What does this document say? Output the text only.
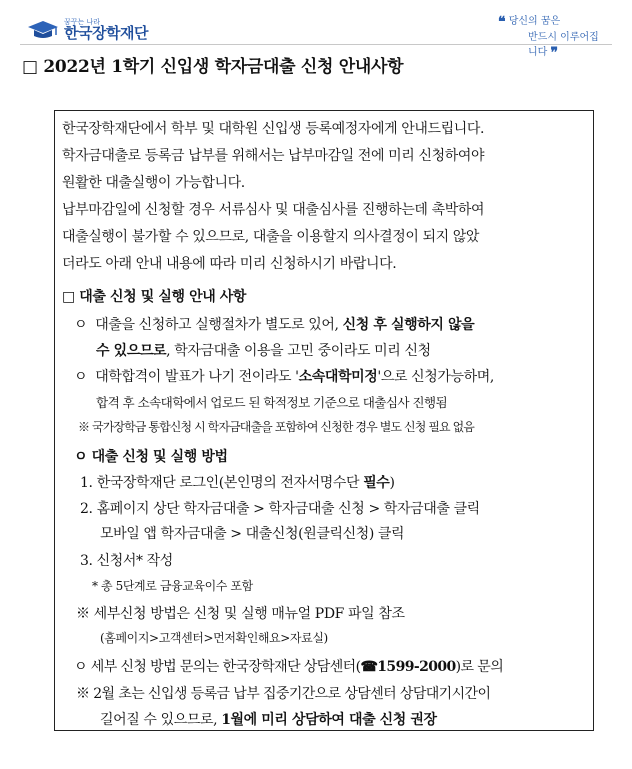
꿈꾸는 나라
한국장학재단
❝ 당신의 꿈은
반드시 이루어집니다 ❞
□ 2022년 1학기 신입생 학자금대출 신청 안내사항
한국장학재단에서 학부 및 대학원 신입생 등록예정자에게 안내드립니다.
학자금대출로 등록금 납부를 위해서는 납부마감일 전에 미리 신청하여야
원활한 대출실행이 가능합니다.
납부마감일에 신청할 경우 서류심사 및 대출심사를 진행하는데 촉박하여
대출실행이 불가할 수 있으므로, 대출을 이용할지 의사결정이 되지 않았
더라도 아래 안내 내용에 따라 미리 신청하시기 바랍니다.
□ 대출 신청 및 실행 안내 사항
ㅇ 대출을 신청하고 실행절차가 별도로 있어, 신청 후 실행하지 않을
수 있으므로, 학자금대출 이용을 고민 중이라도 미리 신청
ㅇ 대학합격이 발표가 나기 전이라도 '소속대학미정'으로 신청가능하며,
합격 후 소속대학에서 업로드 된 학적정보 기준으로 대출심사 진행됨
※ 국가장학금 통합신청 시 학자금대출을 포함하여 신청한 경우 별도 신청 필요 없음
ㅇ 대출 신청 및 실행 방법
1. 한국장학재단 로그인(본인명의 전자서명수단 필수)
2. 홈페이지 상단 학자금대출 > 학자금대출 신청 > 학자금대출 클릭
모바일 앱 학자금대출 > 대출신청(원클릭신청) 클릭
3. 신청서* 작성
* 총 5단계로 금융교육이수 포함
※ 세부신청 방법은 신청 및 실행 매뉴얼 PDF 파일 참조
(홈페이지>고객센터>먼저확인해요>자료실)
ㅇ 세부 신청 방법 문의는 한국장학재단 상담센터(☎1599-2000)로 문의
※ 2월 초는 신입생 등록금 납부 집중기간으로 상담센터 상담대기시간이
길어질 수 있으므로, 1월에 미리 상담하여 대출 신청 권장
